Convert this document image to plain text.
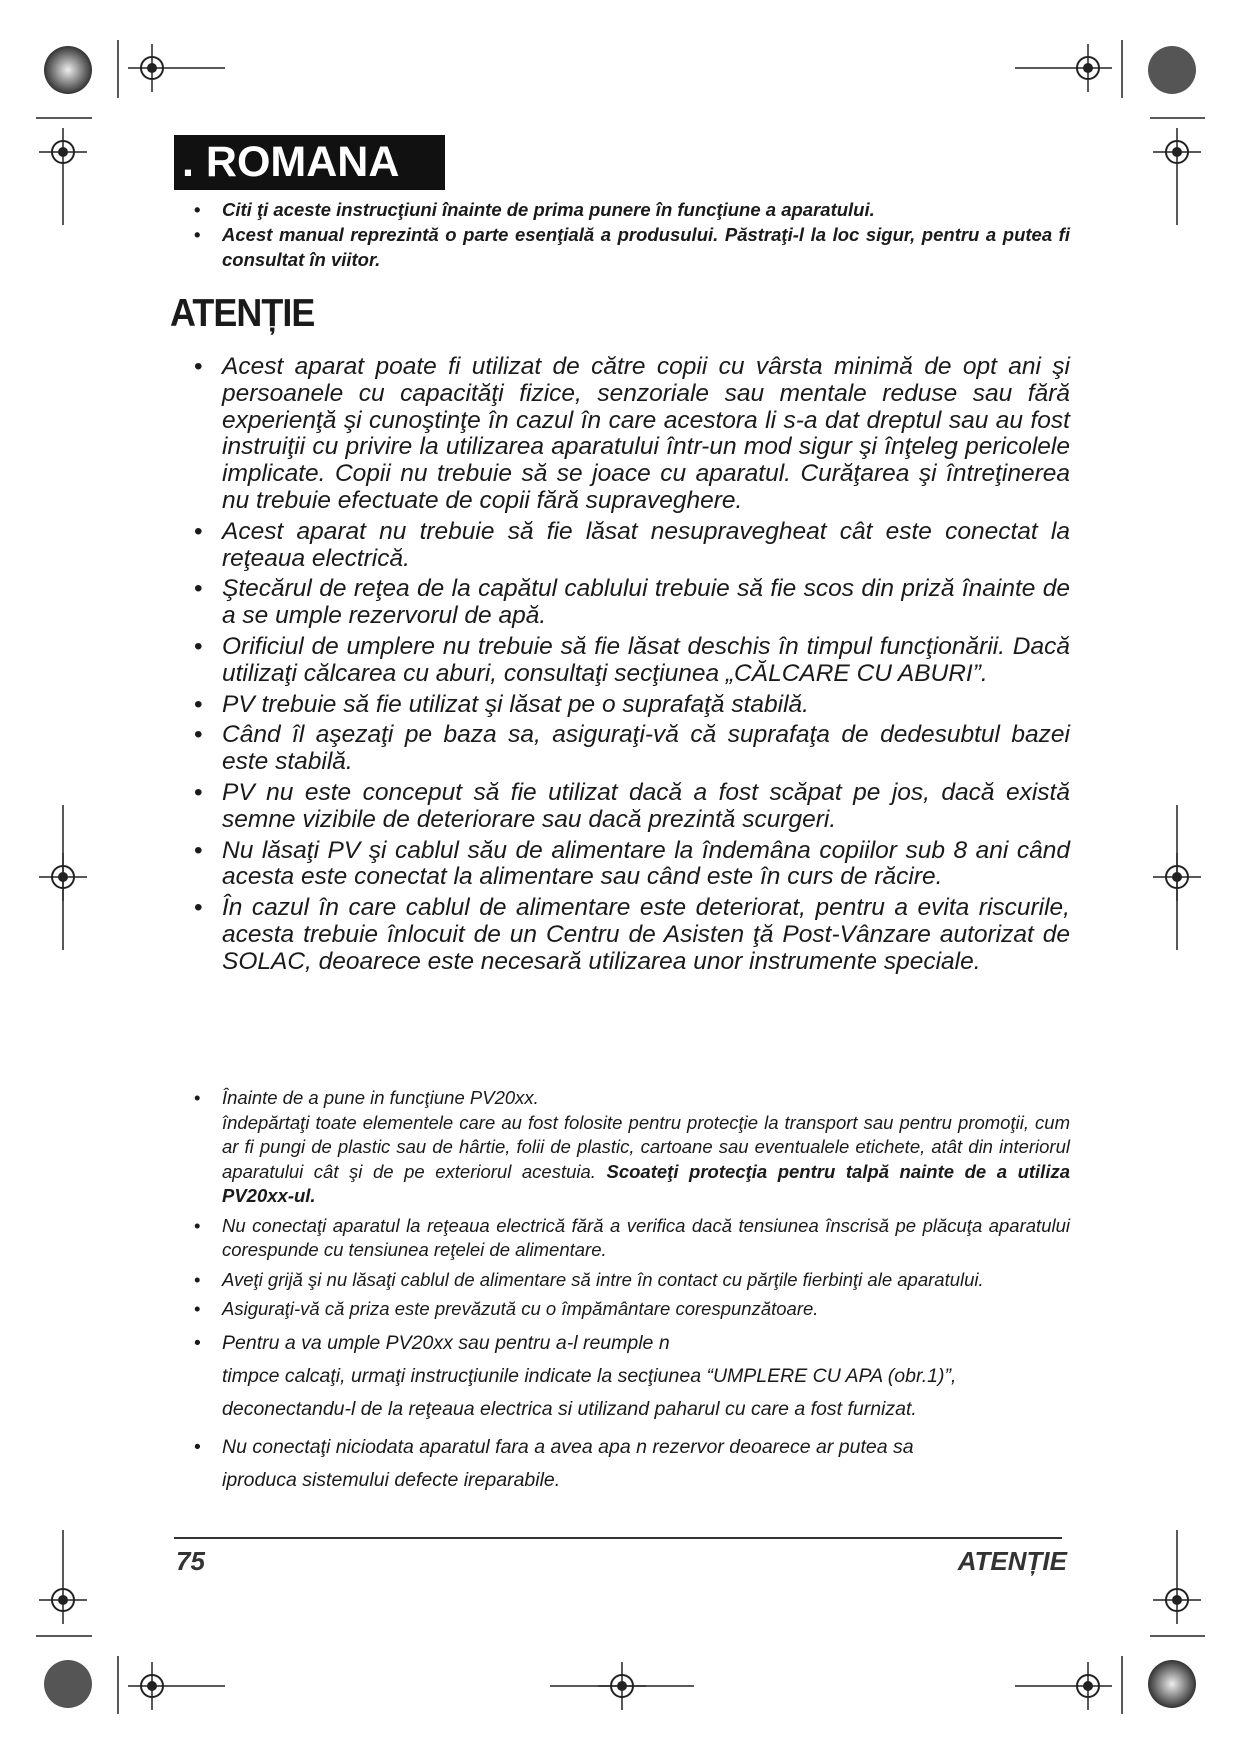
. ROMANA
• Citi ţi aceste instrucţiuni înainte de prima punere în funcţiune a aparatului.
• Acest manual reprezintă o parte esenţială a produsului. Păstraţi-l la loc sigur, pentru a putea fi consultat în viitor.
ATENȚIE
• Acest aparat poate fi utilizat de către copii cu vârsta minimă de opt ani şi persoanele cu capacităţi fizice, senzoriale sau mentale reduse sau fără experienţă şi cunoştinţe în cazul în care acestora li s-a dat dreptul sau au fost instruiţii cu privire la utilizarea aparatului într-un mod sigur şi înţeleg pericolele implicate. Copii nu trebuie să se joace cu aparatul. Curăţarea şi întreţinerea nu trebuie efectuate de copii fără supraveghere.
• Acest aparat nu trebuie să fie lăsat nesupravegheat cât este conectat la reţeaua electrică.
• Ştecărul de reţea de la capătul cablului trebuie să fie scos din priză înainte de a se umple rezervorul de apă.
• Orificiul de umplere nu trebuie să fie lăsat deschis în timpul funcţionării. Dacă utilizaţi călcarea cu aburi, consultaţi secţiunea „CĂLCARE CU ABURI”.
• PV trebuie să fie utilizat şi lăsat pe o suprafaţă stabilă.
• Când îl aşezaţi pe baza sa, asiguraţi-vă că suprafaţa de dedesubtul bazei este stabilă.
• PV nu este conceput să fie utilizat dacă a fost scăpat pe jos, dacă există semne vizibile de deteriorare sau dacă prezintă scurgeri.
• Nu lăsaţi PV şi cablul său de alimentare la îndemâna copiilor sub 8 ani când acesta este conectat la alimentare sau când este în curs de răcire.
• În cazul în care cablul de alimentare este deteriorat, pentru a evita riscurile, acesta trebuie înlocuit de un Centru de Asisten ţă Post-Vânzare autorizat de SOLAC, deoarece este necesară utilizarea unor instrumente speciale.
• Înainte de a pune in funcţiune PV20xx.
îndepărtaţi toate elementele care au fost folosite pentru protecţie la transport sau pentru promoţii, cum ar fi pungi de plastic sau de hârtie, folii de plastic, cartoane sau eventualele etichete, atât din interiorul aparatului cât şi de pe exteriorul acestuia. Scoateţi protecţia pentru talpă nainte de a utiliza PV20xx-ul.
• Nu conectaţi aparatul la reţeaua electrică fără a verifica dacă tensiunea înscrisă pe plăcuţa aparatului corespunde cu tensiunea reţelei de alimentare.
• Aveţi grijă şi nu lăsaţi cablul de alimentare să intre în contact cu părţile fierbinţi ale aparatului.
• Asiguraţi-vă că priza este prevăzută cu o împământare corespunzătoare.
• Pentru a va umple PV20xx sau pentru a-l reumple n
timpce calcaţi, urmaţi instrucţiunile indicate la secţiunea “UMPLERE CU APA (obr.1)”,
deconectandu-l de la reţeaua electrica si utilizand paharul cu care a fost furnizat.
• Nu conectaţi niciodata aparatul fara a avea apa n rezervor deoarece ar putea sa
iproduca sistemului defecte ireparabile.
75	ATENȚIE
